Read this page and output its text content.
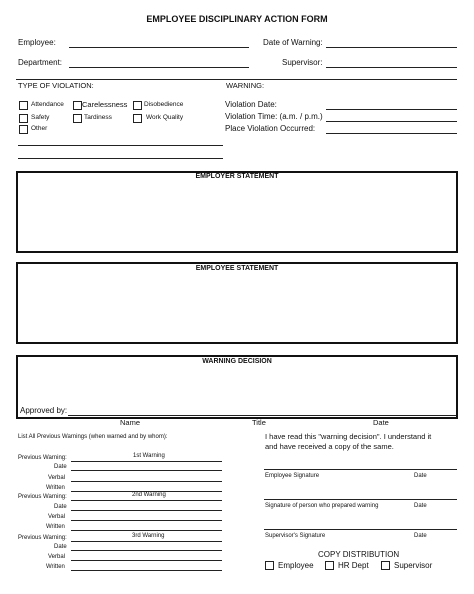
EMPLOYEE DISCIPLINARY ACTION FORM
Employee:	Date of Warning:
Department:	Supervisor:
TYPE OF VIOLATION:
Attendance Carelessness	Disobedience
Safety	Tardiness	Work Quality
Other
WARNING:
Violation Date:
Violation Time: (a.m. / p.m.)
Place Violation Occurred:
EMPLOYER STATEMENT
EMPLOYEE STATEMENT
WARNING DECISION
Approved by:
Name	Title	Date
List All Previous Warnings (when warned and by whom):
Previous Warning:	1st Warning
Date
Verbal
Written
Previous Warning:	2nd Warning
Date
Verbal
Written
Previous Warning:	3rd Warning
Date
Verbal
Written
I have read this "warning decision". I understand it
and have received a copy of the same.
Employee Signature	Date
Signature of person who prepared warning	Date
Supervisor's Signature	Date
COPY DISTRIBUTION
Employee	HR Dept	Supervisor
